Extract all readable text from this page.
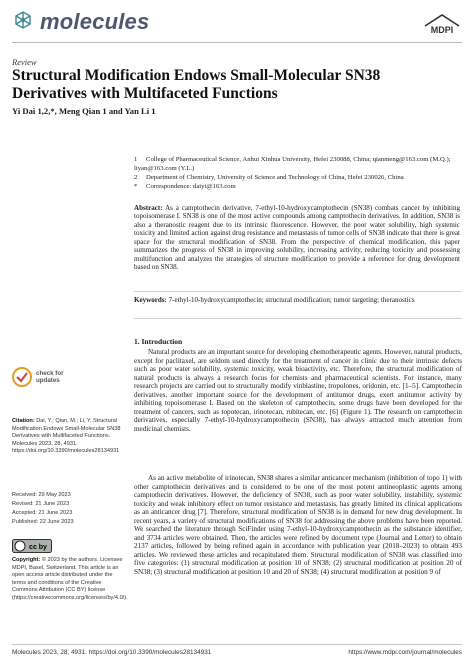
molecules	MDPI
Review
Structural Modification Endows Small-Molecular SN38 Derivatives with Multifaceted Functions
Yi Dai 1,2,*, Meng Qian 1 and Yan Li 1
1 College of Pharmaceutical Science, Anhui Xinhua University, Hefei 230088, China; qianmeng@163.com (M.Q.); liyan@163.com (Y.L.)
2 Department of Chemistry, University of Science and Technology of China, Hefei 230026, China
* Correspondence: daiyi@163.com
Abstract: As a camptothecin derivative, 7-ethyl-10-hydroxycamptothecin (SN38) combats cancer by inhibiting topoisomerase I. SN38 is one of the most active compounds among camptothecin derivatives. In addition, SN38 is also a theranostic reagent due to its intrinsic fluorescence. However, the poor water solubility, high systemic toxicity and limited action against drug resistance and metastasis of tumor cells of SN38 indicate that there is great space for the structural modification of SN38. From the perspective of chemical modification, this paper summarizes the progress of SN38 in improving solubility, increasing activity, reducing toxicity and possessing multifunction and analyzes the strategies of structure modification to provide a reference for drug development based on SN38.
Keywords: 7-ethyl-10-hydroxycamptothecin; structural modification; tumor targeting; theranostics
1. Introduction

Natural products are an important source for developing chemotherapeutic agents. However, natural products, except for paclitaxel, are seldom used directly for the treatment of cancer in clinic due to their intrinsic defects such as poor water solubility, systemic toxicity, weak bioactivity, etc. Therefore, the structural modification of natural products is always a research focus for chemists and pharmaceutical scientists. For instance, many research projects are carried out to structurally modify vinblastine, tropolones, oridonin, etc. [1–5]. Camptothecin derivatives, another important source for the development of antitumor drugs, exert antitumor activity by inhibiting topoisomerase I. Based on the skeleton of camptothecin, some drugs have been developed for the treatment of cancers, such as topotecan, irinotecan, rubitecan, etc. [6] (Figure 1). The research on camptothecin derivatives, especially 7-ethyl-10-hydroxycamptothecin (SN38), has always attracted much attention from medicinal chemists.

As an active metabolite of irinotecan, SN38 shares a similar anticancer mechanism (inhibition of topo 1) with other camptothecin derivatives and is considered to be one of the most potent antineoplastic agents among camptothecin derivatives. However, the deficiency of SN38, such as poor water solubility, instability, systemic toxicity and weak inhibitory effect on tumor resistance and metastasis, has greatly limited its clinical applications as an anticancer drug [7]. Therefore, structural modification of SN38 is in demand for new drug development. In recent years, a variety of structural modifications of SN38 for addressing the above problems have been reported. We searched the literature through SciFinder using 7-ethyl-10-hydroxycamptothecin as the substance identifier, and 3734 articles were obtained. Then, the articles were refined by document type (Journal and Letter) to obtain 2137 articles, followed by being refined again in accordance with publication year (2018–2023) to obtain 493 articles. We reviewed these articles and recapitulated them. Structural modification of SN38 was classified into five categories: (1) structural modification at position 10 of SN38; (2) structural modification at position 20 of SN38; (3) structural modification at position 10 and 20 of SN38; (4) structural modification at position 9 of

check for updates
Citation: Dai, Y.; Qian, M.; Li, Y. Structural Modification Endows Small-Molecular SN38 Derivatives with Multifaceted Functions. Molecules 2023, 28, 4931. https://doi.org/10.3390/molecules28134931
Received: 29 May 2023
Revised: 21 June 2023
Accepted: 21 June 2023
Published: 22 June 2023
cc by
Copyright: © 2023 by the authors. Licensee MDPI, Basel, Switzerland. This article is an open access article distributed under the terms and conditions of the Creative Commons Attribution (CC BY) license (https://creativecommons.org/licenses/by/4.0/).
Molecules 2023, 28, 4931. https://doi.org/10.3390/molecules28134931	https://www.mdpi.com/journal/molecules
